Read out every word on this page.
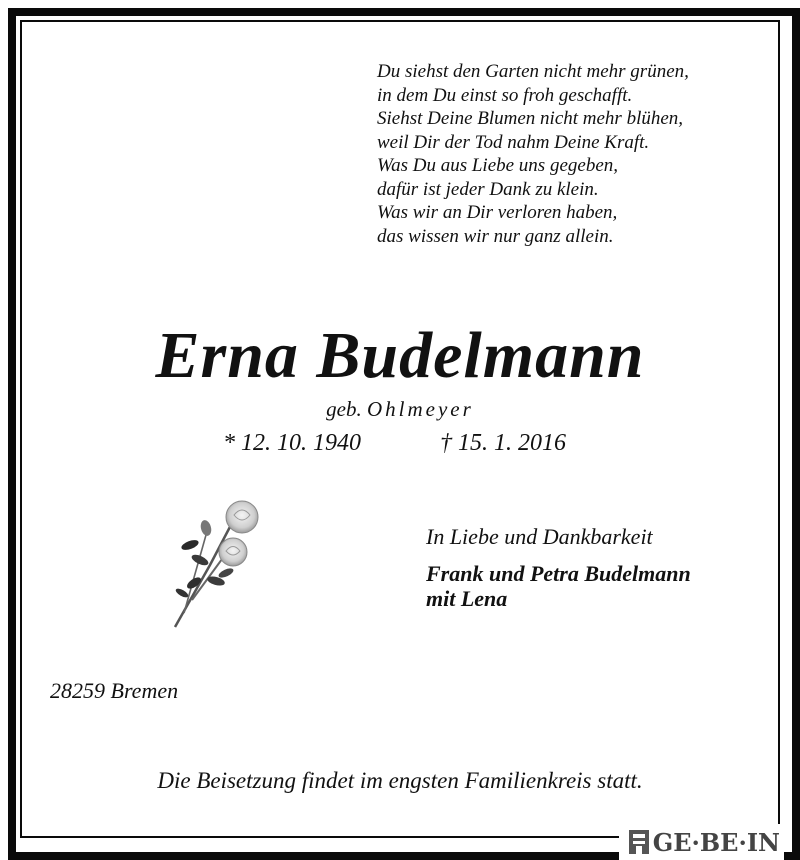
Du siehst den Garten nicht mehr grünen,
in dem Du einst so froh geschafft.
Siehst Deine Blumen nicht mehr blühen,
weil Dir der Tod nahm Deine Kraft.
Was Du aus Liebe uns gegeben,
dafür ist jeder Dank zu klein.
Was wir an Dir verloren haben,
das wissen wir nur ganz allein.
Erna Budelmann
geb. Ohlmeyer
* 12. 10. 1940	† 15. 1. 2016
In Liebe und Dankbarkeit
Frank und Petra Budelmann
mit Lena
28259 Bremen
Die Beisetzung findet im engsten Familienkreis statt.
GE·BE·IN
